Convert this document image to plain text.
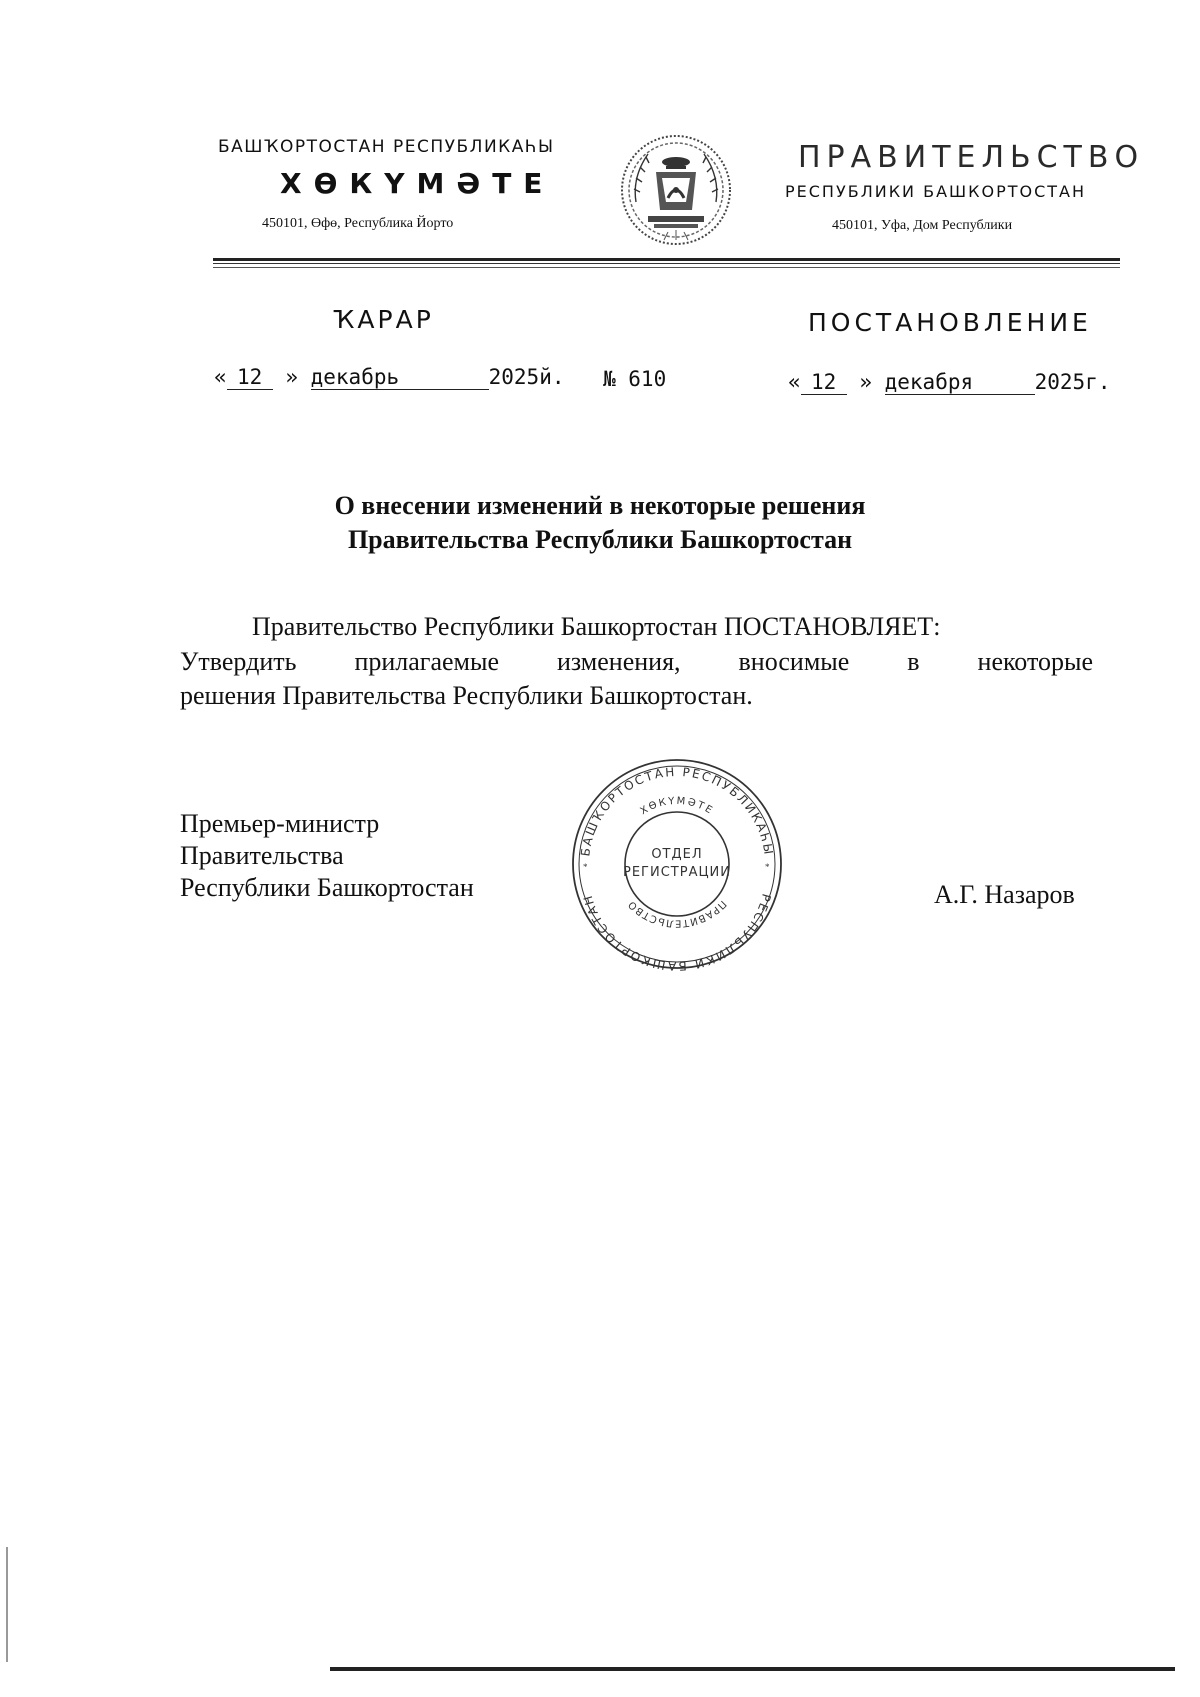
БАШҠОРТОСТАН РЕСПУБЛИКАҺЫ
ХӨКҮМӘТЕ
450101, Өфө, Республика Йорто
ПРАВИТЕЛЬСТВО
РЕСПУБЛИКИ БАШКОРТОСТАН
450101, Уфа, Дом Республики
ҠАРАР	ПОСТАНОВЛЕНИЕ
« 12 » декабрь	2025й. № 610	« 12 » декабря	2025г.
О внесении изменений в некоторые решения
Правительства Республики Башкортостан
Правительство Республики Башкортостан ПОСТАНОВЛЯЕТ:
Утвердить прилагаемые изменения, вносимые в некоторые
решения Правительства Республики Башкортостан.
Премьер-министр
Правительства
Республики Башкортостан	А.Г. Назаров
БАШҠОРТОСТАН РЕСПУБЛИКАҺЫ
РЕСПУБЛИКИ БАШКОРТОСТАН
ХӨКҮМӘТЕ
ПРАВИТЕЛЬСТВО
ОТДЕЛ
РЕГИСТРАЦИИ
*	*
